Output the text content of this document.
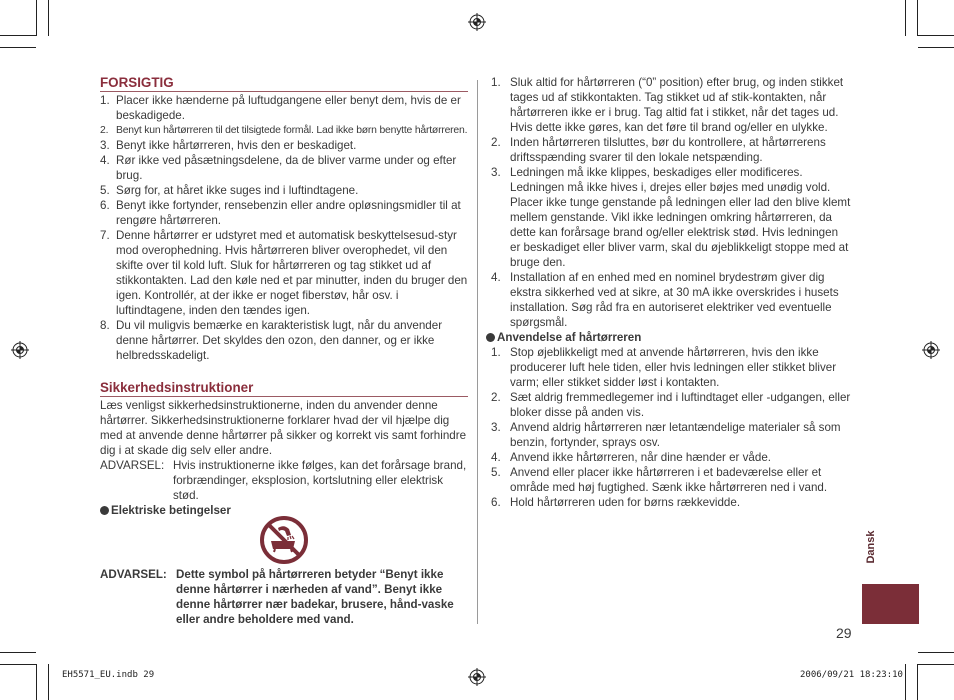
FORSIGTIG
1. Placer ikke hænderne på luftudgangene eller benyt dem, hvis de er beskadigede.
2. Benyt kun hårtørreren til det tilsigtede formål. Lad ikke børn benytte hårtørreren.
3. Benyt ikke hårtørreren, hvis den er beskadiget.
4. Rør ikke ved påsætningsdelene, da de bliver varme under og efter brug.
5. Sørg for, at håret ikke suges ind i luftindtagene.
6. Benyt ikke fortynder, rensebenzin eller andre opløsningsmidler til at rengøre hårtørreren.
7. Denne hårtørrer er udstyret med et automatisk beskyttelsesud-styr mod overophedning. Hvis hårtørreren bliver overophedet, vil den skifte over til kold luft. Sluk for hårtørreren og tag stikket ud af stikkontakten. Lad den køle ned et par minutter, inden du bruger den igen. Kontrollér, at der ikke er noget fiberstøv, hår osv. i luftindtagene, inden den tændes igen.
8. Du vil muligvis bemærke en karakteristisk lugt, når du anvender denne hårtørrer. Det skyldes den ozon, den danner, og er ikke helbredsskadeligt.
Sikkerhedsinstruktioner

Læs venligst sikkerhedsinstruktionerne, inden du anvender denne hårtørrer. Sikkerhedsinstruktionerne forklarer hvad der vil hjælpe dig med at anvende denne hårtørrer på sikker og korrekt vis samt forhindre dig i at skade dig selv eller andre.

ADVARSEL: Hvis instruktionerne ikke følges, kan det forårsage brand, forbrændinger, eksplosion, kortslutning eller elektrisk stød.
Elektriske betingelser
ADVARSEL: Dette symbol på hårtørreren betyder “Benyt ikke denne hårtørrer i nærheden af vand”. Benyt ikke denne hårtørrer nær badekar, brusere, hånd-vaske eller andre beholdere med vand.
1. Sluk altid for hårtørreren (“0” position) efter brug, og inden stikket tages ud af stikkontakten. Tag stikket ud af stik-kontakten, når hårtørreren ikke er i brug. Tag altid fat i stikket, når det tages ud. Hvis dette ikke gøres, kan det føre til brand og/eller en ulykke.
2. Inden hårtørreren tilsluttes, bør du kontrollere, at hårtørrerens driftsspænding svarer til den lokale netspænding.
3. Ledningen må ikke klippes, beskadiges eller modificeres. Ledningen må ikke hives i, drejes eller bøjes med unødig vold. Placer ikke tunge genstande på ledningen eller lad den blive klemt mellem genstande. Vikl ikke ledningen omkring hårtørreren, da dette kan forårsage brand og/eller elektrisk stød. Hvis ledningen er beskadiget eller bliver varm, skal du øjeblikkeligt stoppe med at bruge den.
4. Installation af en enhed med en nominel brydestrøm giver dig ekstra sikkerhed ved at sikre, at 30 mA ikke overskrides i husets installation. Søg råd fra en autoriseret elektriker ved eventuelle spørgsmål.
Anvendelse af hårtørreren
1. Stop øjeblikkeligt med at anvende hårtørreren, hvis den ikke producerer luft hele tiden, eller hvis ledningen eller stikket bliver varm; eller stikket sidder løst i kontakten.
2. Sæt aldrig fremmedlegemer ind i luftindtaget eller -udgangen, eller bloker disse på anden vis.
3. Anvend aldrig hårtørreren nær letantændelige materialer så som benzin, fortynder, sprays osv.
4. Anvend ikke hårtørreren, når dine hænder er våde.
5. Anvend eller placer ikke hårtørreren i et badeværelse eller et område med høj fugtighed. Sænk ikke hårtørreren ned i vand.
6. Hold hårtørreren uden for børns rækkevidde.
Dansk
29
EH5571_EU.indb 29	2006/09/21 18:23:10
